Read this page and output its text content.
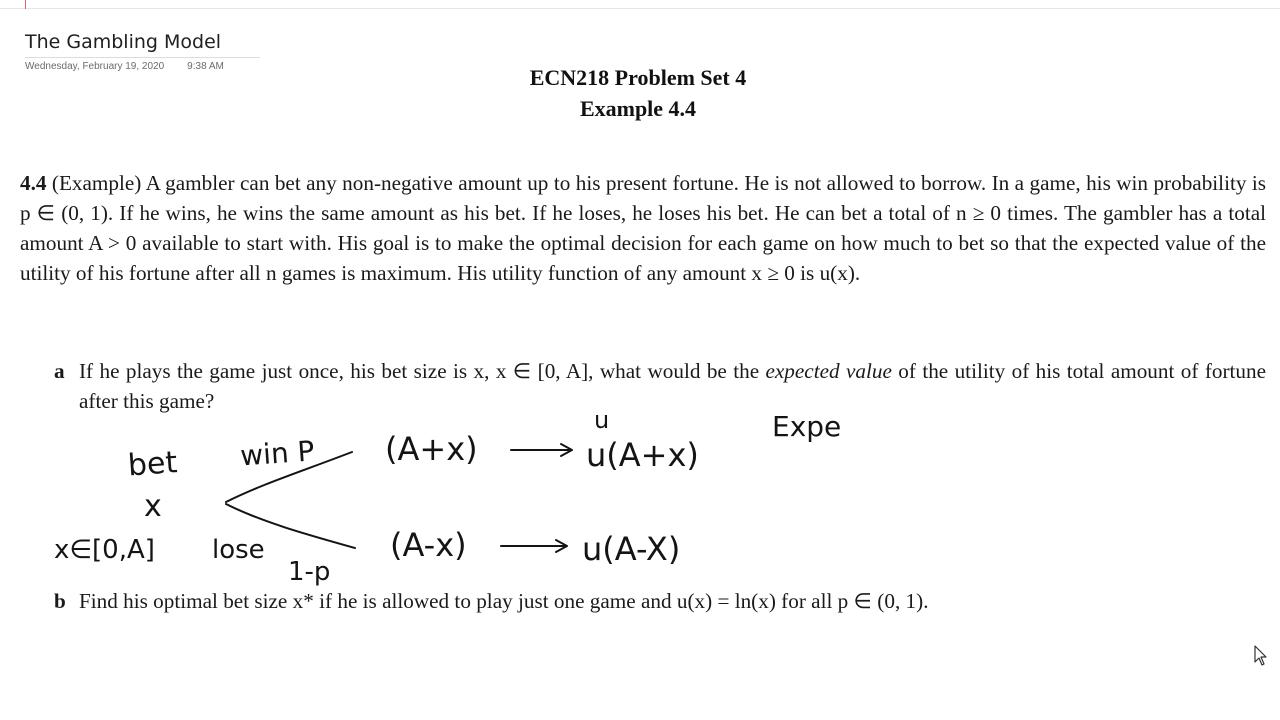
The Gambling Model
Wednesday, February 19, 2020 9:38 AM	ECN218 Problem Set 4
Example 4.4
4.4 (Example) A gambler can bet any non-negative amount up to his present fortune. He is not allowed to borrow. In a game, his win probability is p ∈ (0, 1). If he wins, he wins the same amount as his bet. If he loses, he loses his bet. He can bet a total of n ≥ 0 times. The gambler has a total amount A > 0 available to start with. His goal is to make the optimal decision for each game on how much to bet so that the expected value of the utility of his fortune after all n games is maximum. His utility function of any amount x ≥ 0 is u(x).
a If he plays the game just once, his bet size is x, x ∈ [0, A], what would be the expected value of the utility of his total amount of fortune after this game?
b Find his optimal bet size x* if he is allowed to play just one game and u(x) = ln(x) for all p ∈ (0, 1).
bet
x
x∈[0,A]
win P
lose
1-p
(A+x)
(A-x)
u
u(A+x)
u(A-X)
Expe
